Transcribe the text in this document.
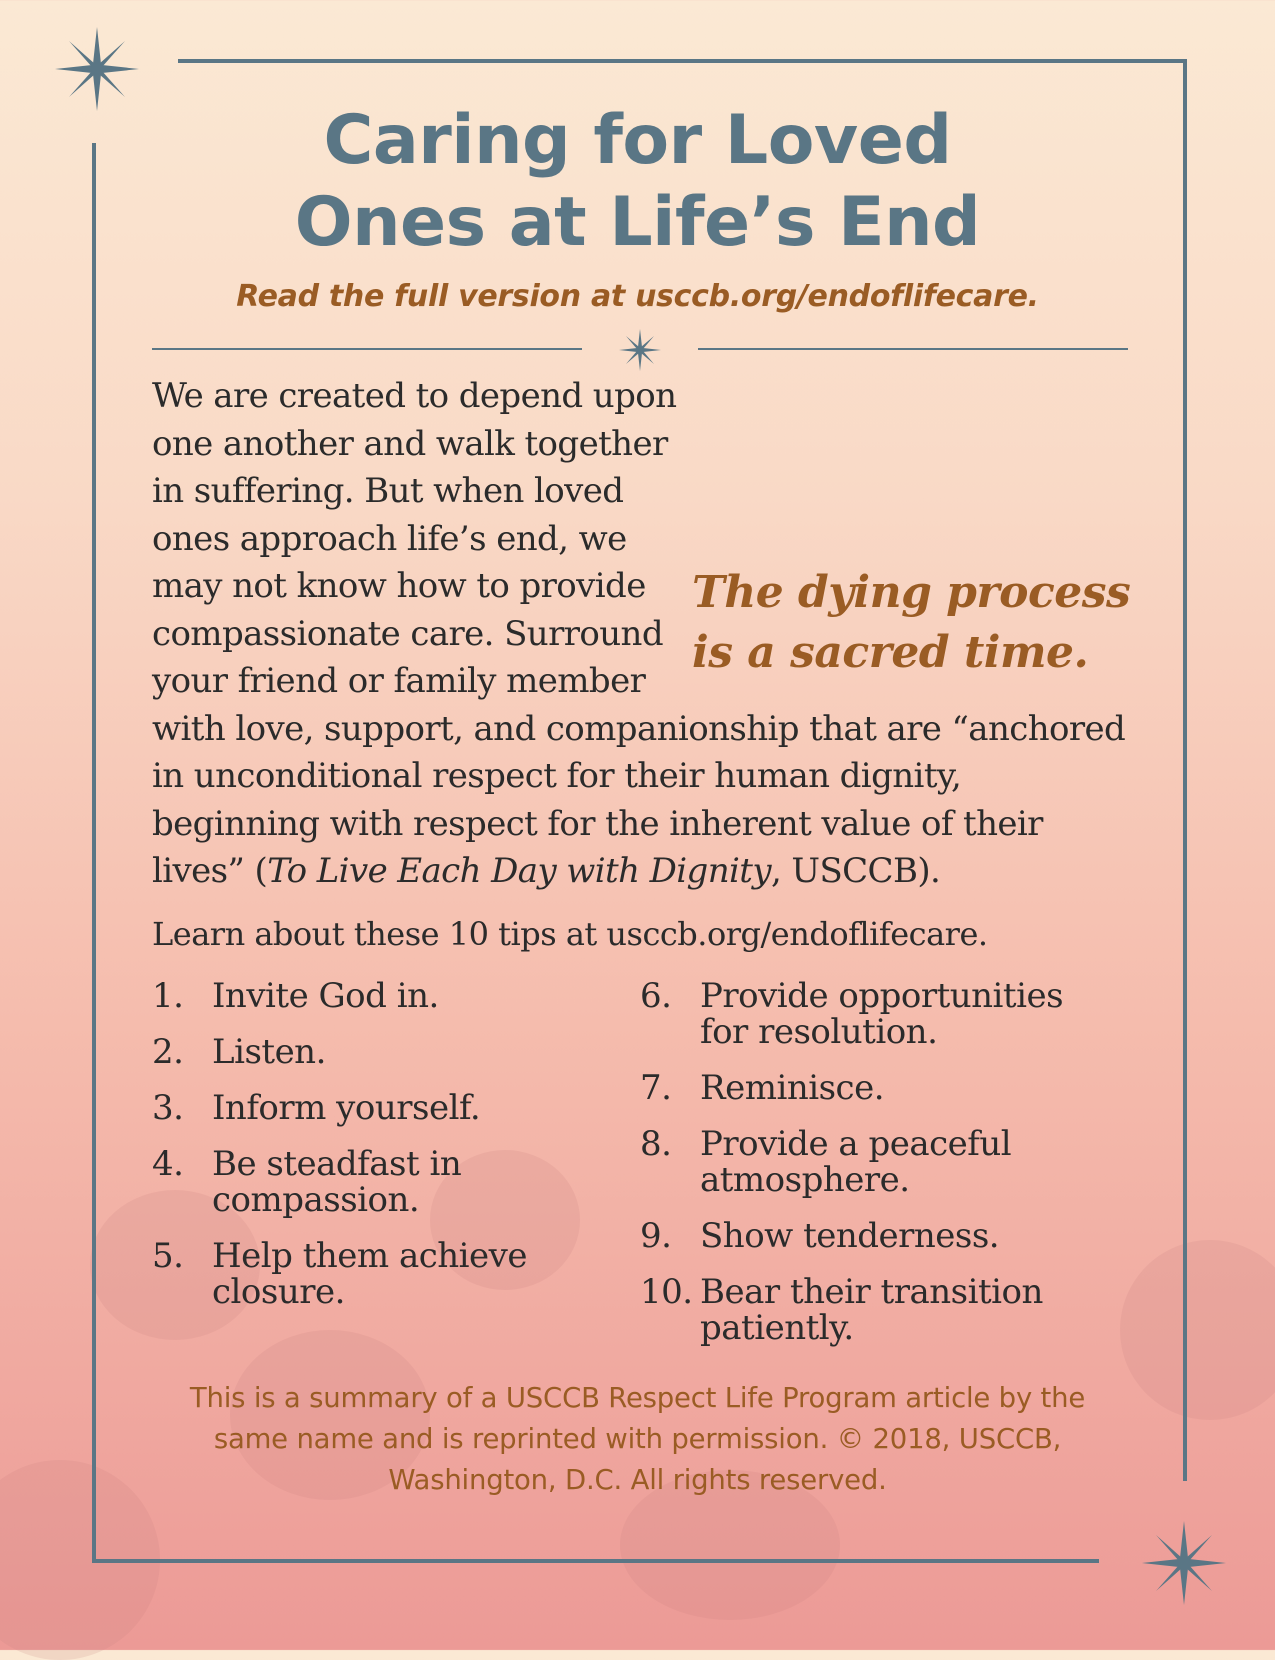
Caring for Loved
Ones at Life’s End
Read the full version at usccb.org/endoflifecare.

The dying process is a sacred time.
We are created to depend upon one another and walk together in suffering. But when loved ones approach life’s end, we may not know how to provide compassionate care. Surround your friend or family member with love, support, and companionship that are “anchored in unconditional respect for their human dignity, beginning with respect for the inherent value of their lives” (To Live Each Day with Dignity, USCCB).

Learn about these 10 tips at usccb.org/endoflifecare.

1. Invite God in.
2. Listen.
3. Inform yourself.
4. Be steadfast in compassion.
5. Help them achieve closure.
6. Provide opportunities for resolution.
7. Reminisce.
8. Provide a peaceful atmosphere.
9. Show tenderness.
10. Bear their transition patiently.

This is a summary of a USCCB Respect Life Program article by the same name and is reprinted with permission. © 2018, USCCB, Washington, D.C. All rights reserved.
